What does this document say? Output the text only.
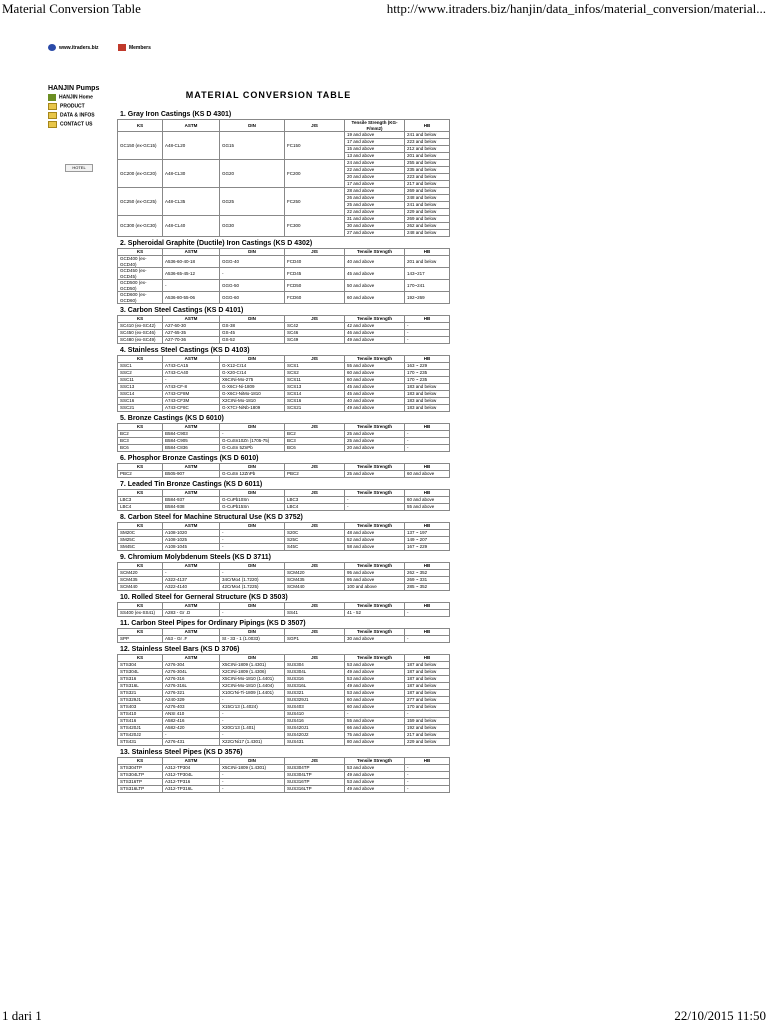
Material Conversion Table	http://www.itraders.biz/hanjin/data_infos/material_conversion/material...
www.itraders.biz	Members
HANJIN Pumps
HANJIN Home
PRODUCT
DATA & INFOS
CONTACT US
HOTEL
MATERIAL CONVERSION TABLE
1. Gray Iron Castings (KS D 4301)
KS	ASTM	DIN	JIS	Tensile Strength (KG-F/mm2)	HB
GC150 (ex-GC15)	A48-CL20	GG15	FC150	19 and above	241 and below
				17 and above	223 and below
				15 and above	212 and below
				13 and above	201 and below
GC200 (ex-GC20)	A48-CL30	GG20	FC200	24 and above	255 and below
				22 and above	235 and below
				20 and above	223 and below
				17 and above	217 and below
GC250 (ex-GC25)	A48-CL35	GG25	FC250	28 and above	269 and below
				26 and above	248 and below
				25 and above	241 and below
				22 and above	229 and below
GC300 (ex-GC30)	A48-CL40	GG30	FC300	31 and above	269 and below
				30 and above	262 and below
				27 and above	248 and below
2. Spheroidal Graphite (Ductile) Iron Castings (KS D 4302)
KS	ASTM	DIN	JIS	Tensile Strength	HB
GCD400 (ex-GCD40)	A536-60-40-18	GGG-40	FCD40	40 and above	201 and below
GCD450 (ex-GCD45)	A536-65-45-12	-	FCD45	45 and above	143~217
GCD500 (ex-GCD50)	-	GGG-50	FCD50	50 and above	170~241
GCD600 (ex-GCD60)	A536-80-55-06	GGG-60	FCD60	60 and above	192~269
3. Carbon Steel Castings (KS D 4101)
KS	ASTM	DIN	JIS	Tensile Strength	HB
SC410 (ex-SC42)	A27-60-30	GS-38	SC42	42 and above	-
SC450 (ex-SC46)	A27-65-35	GS-45	SC46	46 and above	-
SC480 (ex-SC49)	A27-70-36	GS-52	SC49	49 and above	-
4. Stainless Steel Castings (KS D 4103)
KS	ASTM	DIN	JIS	Tensile Strength	HB
SSC1	A743-CA15	G-X12-Cr14	SCS1	55 and above	163 ~ 229
SSC2	A743-CA40	G-X20-Cr14	SCS2	60 and above	170 ~ 235
SSC11	-	X6CrNi-Mo-275	SCS11	60 and above	170 ~ 235
SSC13	A743-CF-8	G-X6Cr-Ni-1809	SCS13	45 and above	183 and below
SSC14	A743-CF8M	G-X6Cr-NiMo-1810	SCS14	45 and above	183 and below
SSC16	A743-CF3M	X2CrNi-Mo-1810	SCS16	40 and above	183 and below
SSC21	A743-CF8C	G-X7Cr-NiNb-1809	SCS21	49 and above	183 and below
5. Bronze Castings (KS D 6010)
KS	ASTM	DIN	JIS	Tensile Strength	HB
BC2	B584-C903	-	BC2	25 and above	-
BC3	B584-C905	G-CuSn10Zn (1705-75)	BC3	25 and above	-
BC6	B584-C836	G-CuSn 5ZnPb	BC6	20 and above	-
6. Phosphor Bronze Castings (KS D 6010)
KS	ASTM	DIN	JIS	Tensile Strength	HB
PBC2	B505-907	G-CuSn 12ZnPb	PBC2	25 and above	60 and above
7. Leaded Tin Bronze Castings (KS D 6011)
KS	ASTM	DIN	JIS	Tensile Strength	HB
LBC3	B584-937	G-CuPb10Sn	LBC3	-	60 and above
LBC4	B584-938	G-CuPb15Sn	LBC4	-	55 and above
8. Carbon Steel for Machine Structural Use (KS D 3752)
KS	ASTM	DIN	JIS	Tensile Strength	HB
SM20C	A108-1020	-	S20C	48 and above	137 ~ 197
SM25C	A108-1025	-	S25C	52 and above	149 ~ 207
SM45C	A108-1045	-	S45C	58 and above	167 ~ 229
9. Chromium Molybdenum Steels (KS D 3711)
KS	ASTM	DIN	JIS	Tensile Strength	HB
SCM420	-	-	SCM420	95 and above	262 ~ 352
SCM435	A322-4137	34CrMo4 (1.7220)	SCM435	95 and above	269 ~ 331
SCM440	A322-4140	42CrMo4 (1.7225)	SCM440	100 and above	285 ~ 352
10. Rolled Steel for Gerneral Structure (KS D 3503)
KS	ASTM	DIN	JIS	Tensile Strength	HB
SS400 (ex-SS41)	A283 - Gr .D	-	SS41	41 - 52	-
11. Carbon Steel Pipes for Ordinary Pipings (KS D 3507)
KS	ASTM	DIN	JIS	Tensile Strength	HB
SPP	A53 - Gr .F	St - 33 - 1 (1.0033)	SGP1	30 and above	-
12. Stainless Steel Bars (KS D 3706)
KS	ASTM	DIN	JIS	Tensile Strength	HB
STS304	A276-304	X5CrNi-1809 (1.4301)	SUS304	53 and above	187 and below
STS304L	A276-304L	X2CrNi-1809 (1.4306)	SUS304L	49 and above	187 and below
STS316	A276-316	X5CrNi-Mo-1810 (1.4401)	SUS316	53 and above	187 and below
STS316L	A276-316L	X2CrNi-Mo-1810 (1.4404)	SUS316L	49 and above	187 and below
STS321	A276-321	X10CrNi-Ti-1809 (1.4401)	SUS321	53 and above	187 and below
STS329J1	A240-329	-	SUS329J1	60 and above	277 and below
STS403	A276-403	X15Cr13 (1.4024)	SUS403	60 and above	170 and below
STS410	ANSI 410	-	SUS410	-	-
STS416	A582-416	-	SUS416	55 and above	159 and below
STS420J1	A582-420	X20Cr13 (1.401)	SUS420J1	66 and above	192 and below
STS420J2	-	-	SUS420J2	75 and above	217 and below
STS431	A276-431	X22CrNi17 (1.4301)	SUS431	80 and above	229 and below
13. Stainless Steel Pipes (KS D 3576)
KS	ASTM	DIN	JIS	Tensile Strength	HB
STS304TP	A312-TP304	X5CrNi-1809 (1.4301)	SUS304TP	53 and above	-
STS304LTP	A312-TP304L	-	SUS304LTP	49 and above	-
STS316TP	A312-TP316	-	SUS316TP	53 and above	-
STS316LTP	A312-TP316L	-	SUS316LTP	49 and above	-
1 dari 1	22/10/2015 11:50
